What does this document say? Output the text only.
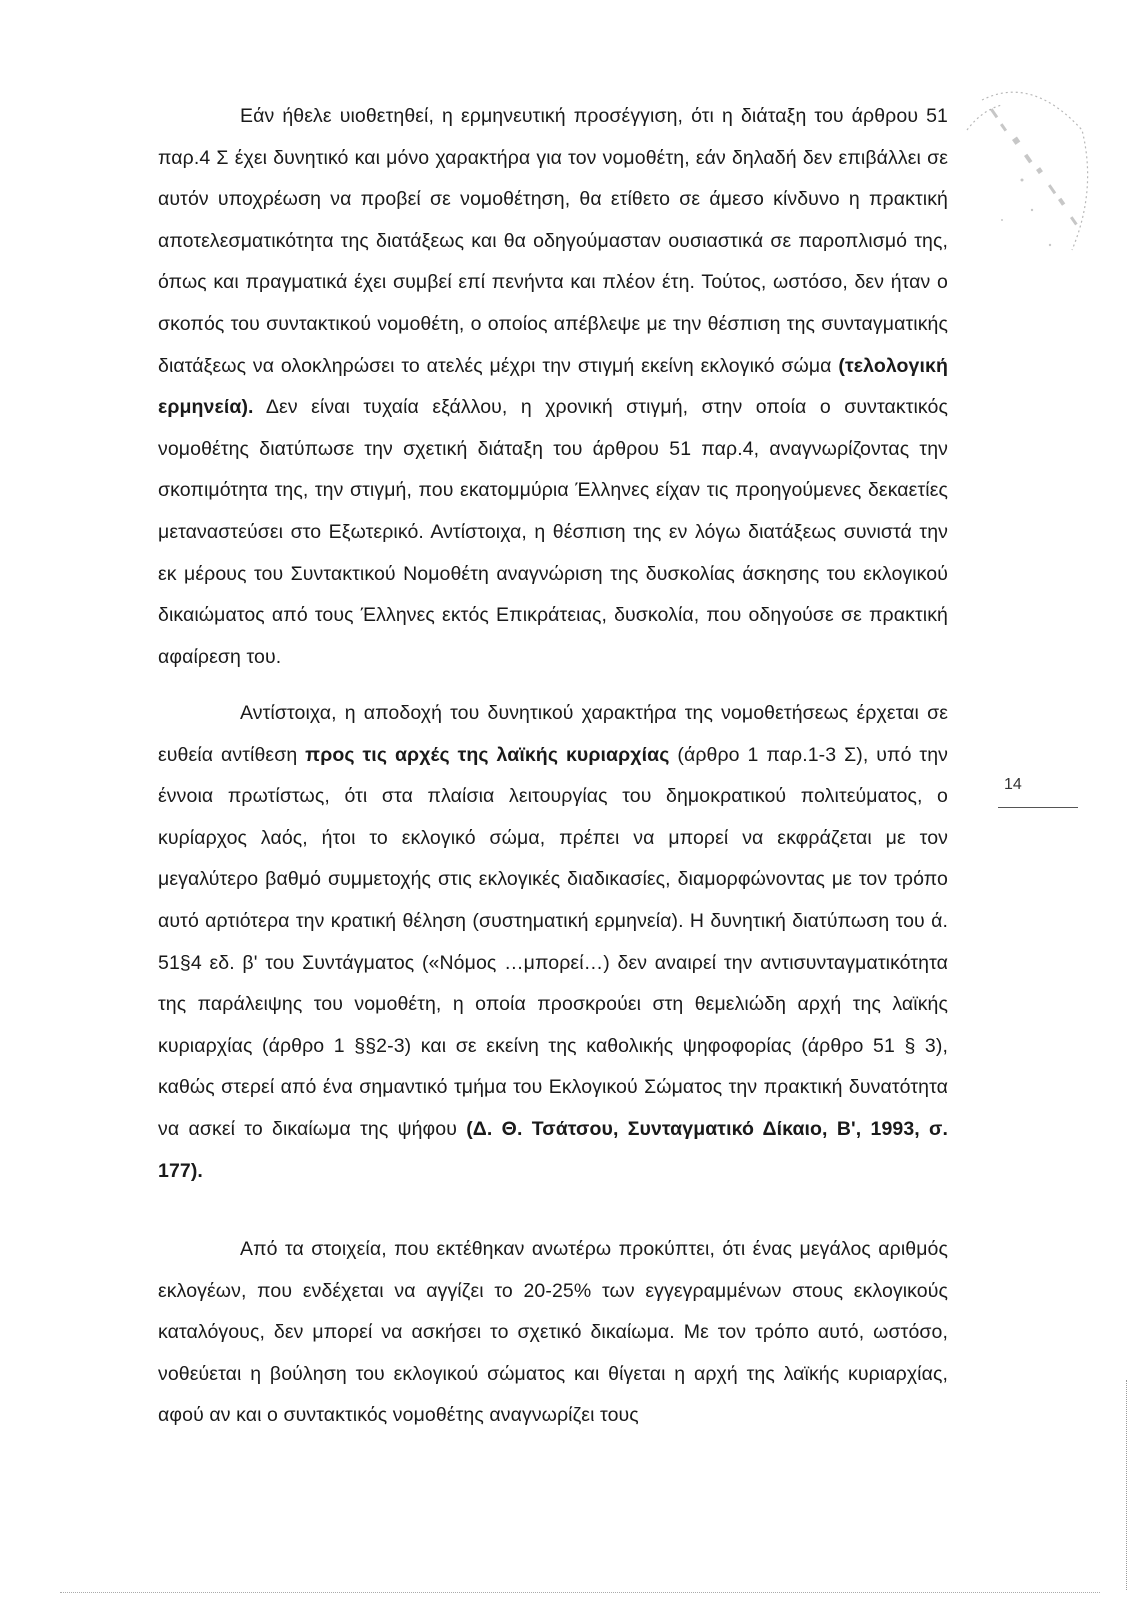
Εάν ήθελε υιοθετηθεί, η ερμηνευτική προσέγγιση, ότι η διάταξη του άρθρου 51 παρ.4 Σ έχει δυνητικό και μόνο χαρακτήρα για τον νομοθέτη, εάν δηλαδή δεν επιβάλλει σε αυτόν υποχρέωση να προβεί σε νομοθέτηση, θα ετίθετο σε άμεσο κίνδυνο η πρακτική αποτελεσματικότητα της διατάξεως και θα οδηγούμασταν ουσιαστικά σε παροπλισμό της, όπως και πραγματικά έχει συμβεί επί πενήντα και πλέον έτη. Τούτος, ωστόσο, δεν ήταν ο σκοπός του συντακτικού νομοθέτη, ο οποίος απέβλεψε με την θέσπιση της συνταγματικής διατάξεως να ολοκληρώσει το ατελές μέχρι την στιγμή εκείνη εκλογικό σώμα (τελολογική ερμηνεία). Δεν είναι τυχαία εξάλλου, η χρονική στιγμή, στην οποία ο συντακτικός νομοθέτης διατύπωσε την σχετική διάταξη του άρθρου 51 παρ.4, αναγνωρίζοντας την σκοπιμότητα της, την στιγμή, που εκατομμύρια Έλληνες είχαν τις προηγούμενες δεκαετίες μεταναστεύσει στο Εξωτερικό. Αντίστοιχα, η θέσπιση της εν λόγω διατάξεως συνιστά την εκ μέρους του Συντακτικού Νομοθέτη αναγνώριση της δυσκολίας άσκησης του εκλογικού δικαιώματος από τους Έλληνες εκτός Επικράτειας, δυσκολία, που οδηγούσε σε πρακτική αφαίρεση του.

Αντίστοιχα, η αποδοχή του δυνητικού χαρακτήρα της νομοθετήσεως έρχεται σε ευθεία αντίθεση προς τις αρχές της λαϊκής κυριαρχίας (άρθρο 1 παρ.1-3 Σ), υπό την έννοια πρωτίστως, ότι στα πλαίσια λειτουργίας του δημοκρατικού πολιτεύματος, ο κυρίαρχος λαός, ήτοι το εκλογικό σώμα, πρέπει να μπορεί να εκφράζεται με τον μεγαλύτερο βαθμό συμμετοχής στις εκλογικές διαδικασίες, διαμορφώνοντας με τον τρόπο αυτό αρτιότερα την κρατική θέληση (συστηματική ερμηνεία). Η δυνητική διατύπωση του ά. 51§4 εδ. β' του Συντάγματος («Νόμος …μπορεί…) δεν αναιρεί την αντισυνταγματικότητα της παράλειψης του νομοθέτη, η οποία προσκρούει στη θεμελιώδη αρχή της λαϊκής κυριαρχίας (άρθρο 1 §§2-3) και σε εκείνη της καθολικής ψηφοφορίας (άρθρο 51 § 3), καθώς στερεί από ένα σημαντικό τμήμα του Εκλογικού Σώματος την πρακτική δυνατότητα να ασκεί το δικαίωμα της ψήφου (Δ. Θ. Τσάτσου, Συνταγματικό Δίκαιο, Β', 1993, σ. 177).

Από τα στοιχεία, που εκτέθηκαν ανωτέρω προκύπτει, ότι ένας μεγάλος αριθμός εκλογέων, που ενδέχεται να αγγίζει το 20-25% των εγγεγραμμένων στους εκλογικούς καταλόγους, δεν μπορεί να ασκήσει το σχετικό δικαίωμα. Με τον τρόπο αυτό, ωστόσο, νοθεύεται η βούληση του εκλογικού σώματος και θίγεται η αρχή της λαϊκής κυριαρχίας, αφού αν και ο συντακτικός νομοθέτης αναγνωρίζει τους

14
